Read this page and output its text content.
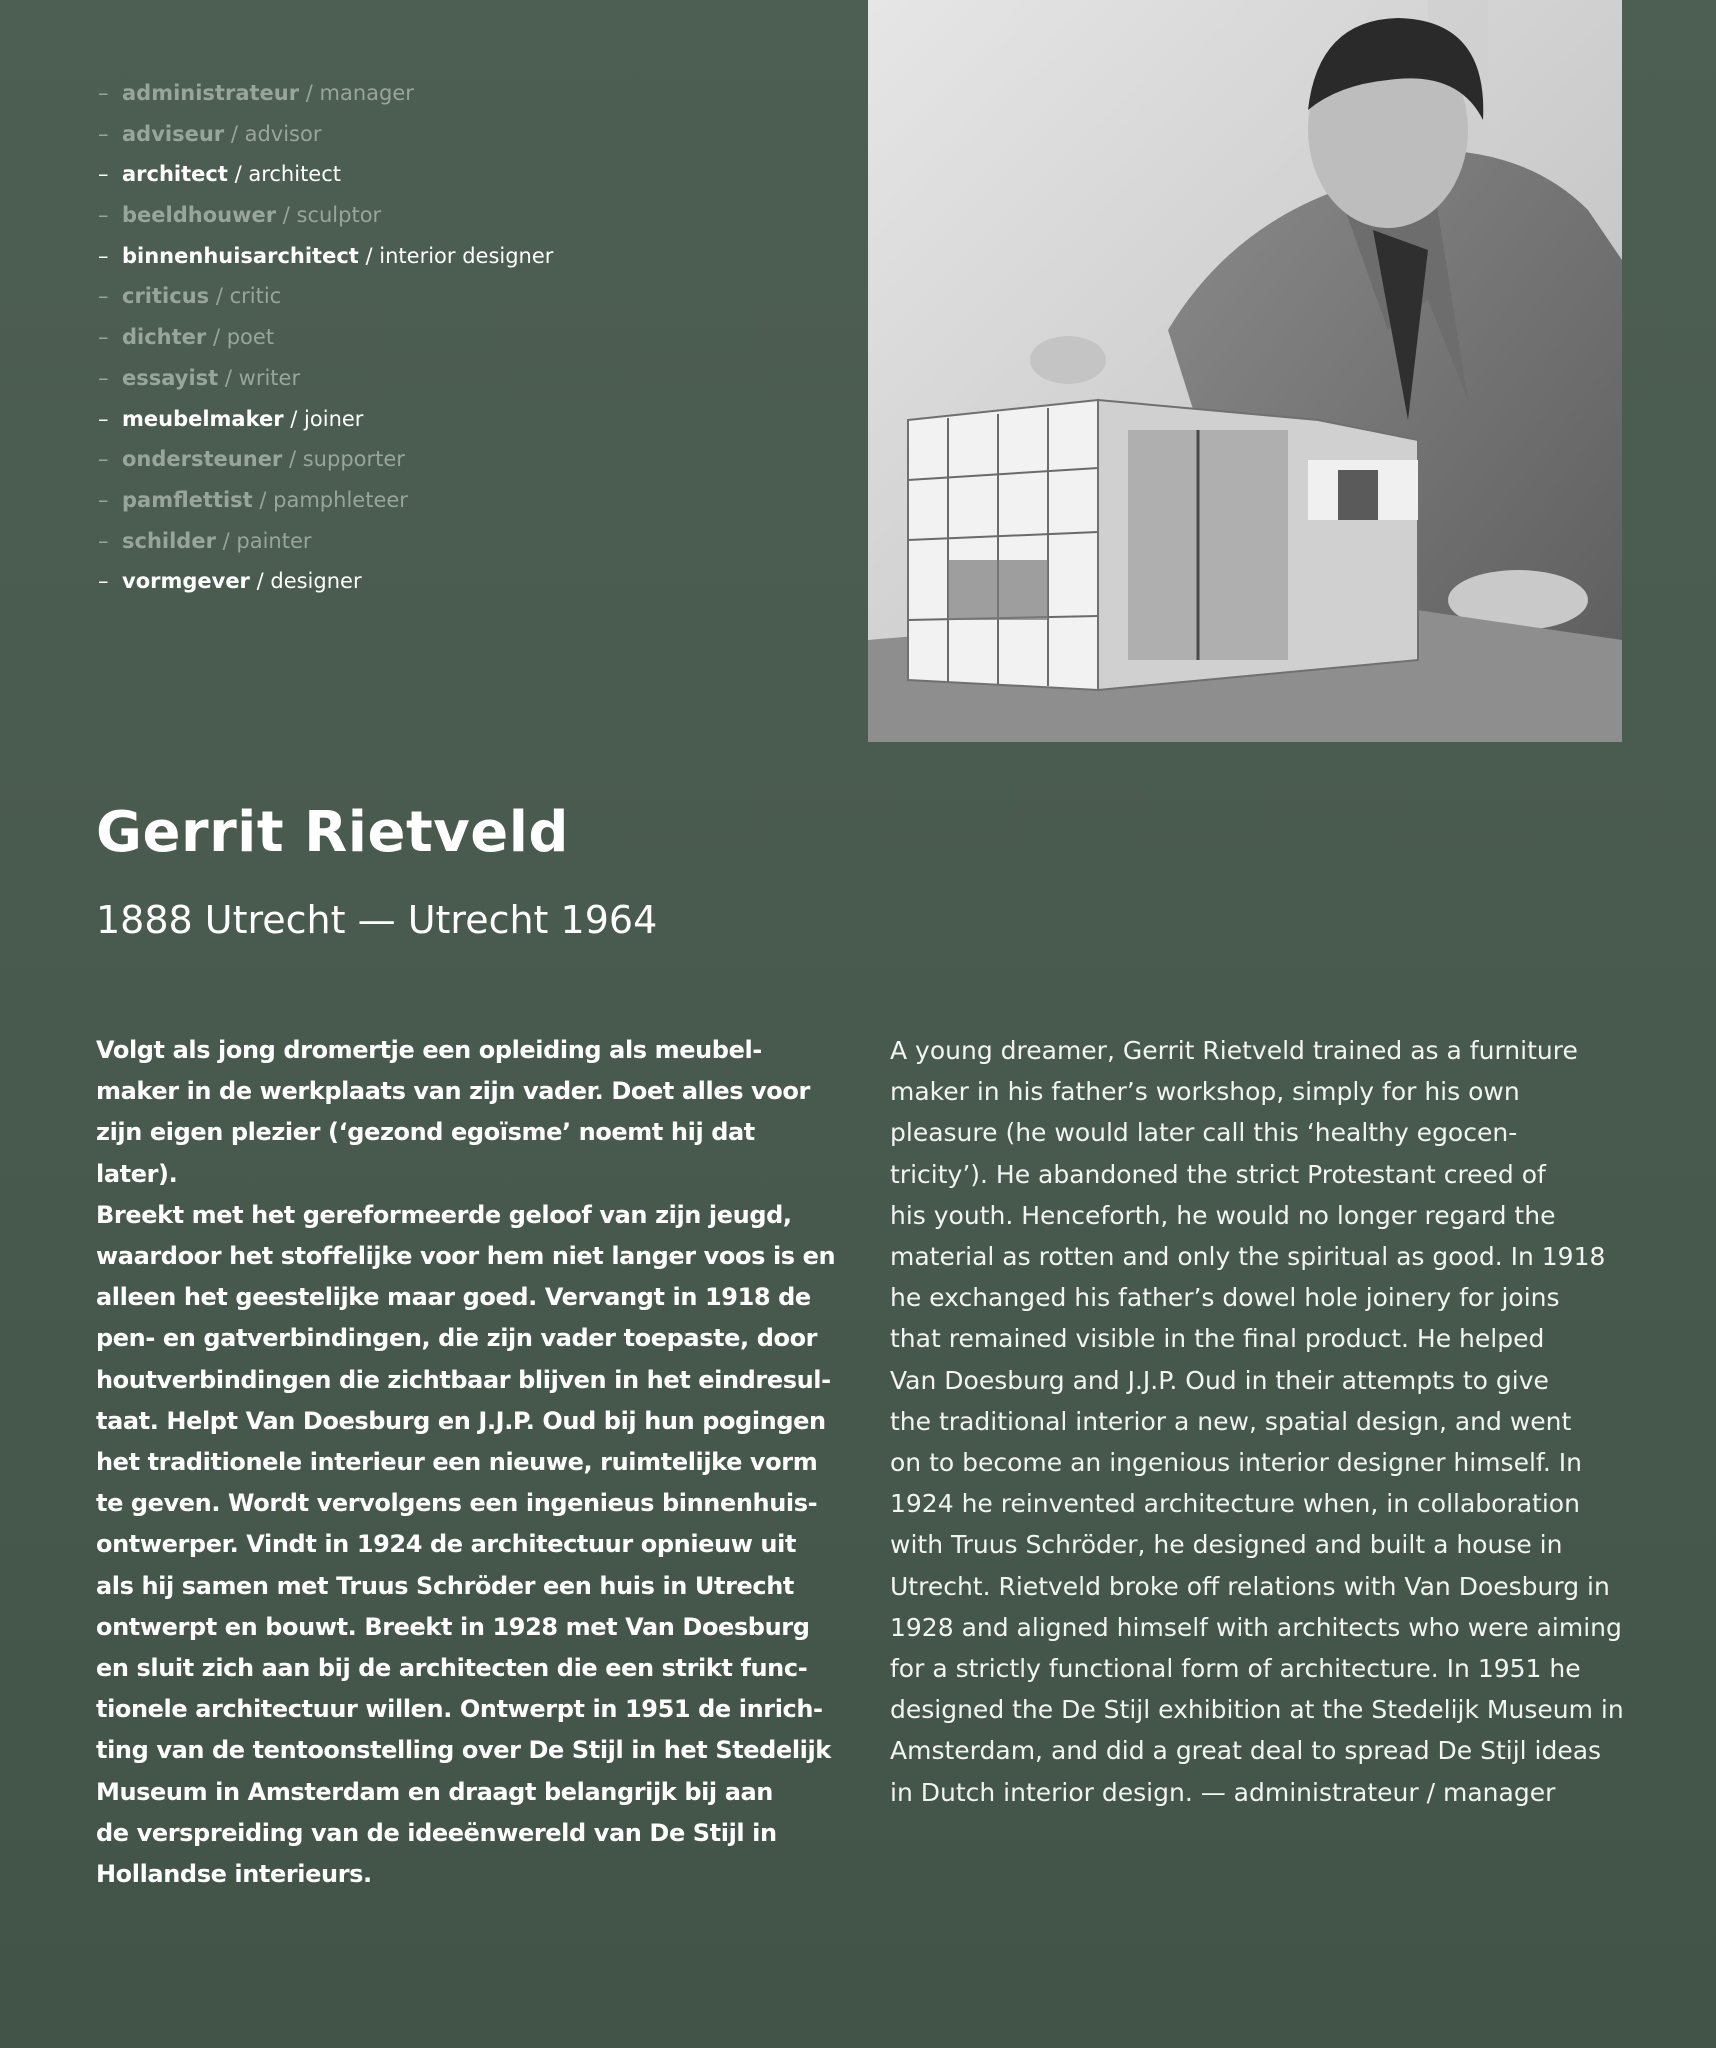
– administrateur / manager
– adviseur / advisor
– architect / architect
– beeldhouwer / sculptor
– binnenhuisarchitect / interior designer
– criticus / critic
– dichter / poet
– essayist / writer
– meubelmaker / joiner
– ondersteuner / supporter
– pamflettist / pamphleteer
– schilder / painter
– vormgever / designer
Gerrit Rietveld
1888 Utrecht — Utrecht 1964
Volgt als jong dromertje een opleiding als meubel-
maker in de werkplaats van zijn vader. Doet alles voor
zijn eigen plezier (‘gezond egoïsme’ noemt hij dat later).
Breekt met het gereformeerde geloof van zijn jeugd,
waardoor het stoffelijke voor hem niet langer voos is en
alleen het geestelijke maar goed. Vervangt in 1918 de
pen- en gatverbindingen, die zijn vader toepaste, door
houtverbindingen die zichtbaar blijven in het eindresul-
taat. Helpt Van Doesburg en J.J.P. Oud bij hun pogingen
het traditionele interieur een nieuwe, ruimtelijke vorm
te geven. Wordt vervolgens een ingenieus binnenhuis-
ontwerper. Vindt in 1924 de architectuur opnieuw uit
als hij samen met Truus Schröder een huis in Utrecht
ontwerpt en bouwt. Breekt in 1928 met Van Doesburg
en sluit zich aan bij de architecten die een strikt func-
tionele architectuur willen. Ontwerpt in 1951 de inrich-
ting van de tentoonstelling over De Stijl in het Stedelijk
Museum in Amsterdam en draagt belangrijk bij aan
de verspreiding van de ideeënwereld van De Stijl in
Hollandse interieurs.
A young dreamer, Gerrit Rietveld trained as a furniture
maker in his father’s workshop, simply for his own
pleasure (he would later call this ‘healthy egocen-
tricity’). He abandoned the strict Protestant creed of
his youth. Henceforth, he would no longer regard the
material as rotten and only the spiritual as good. In 1918
he exchanged his father’s dowel hole joinery for joins
that remained visible in the final product. He helped
Van Doesburg and J.J.P. Oud in their attempts to give
the traditional interior a new, spatial design, and went
on to become an ingenious interior designer himself. In
1924 he reinvented architecture when, in collaboration
with Truus Schröder, he designed and built a house in
Utrecht. Rietveld broke off relations with Van Doesburg in
1928 and aligned himself with architects who were aiming
for a strictly functional form of architecture. In 1951 he
designed the De Stijl exhibition at the Stedelijk Museum in
Amsterdam, and did a great deal to spread De Stijl ideas
in Dutch interior design. — administrateur / manager
